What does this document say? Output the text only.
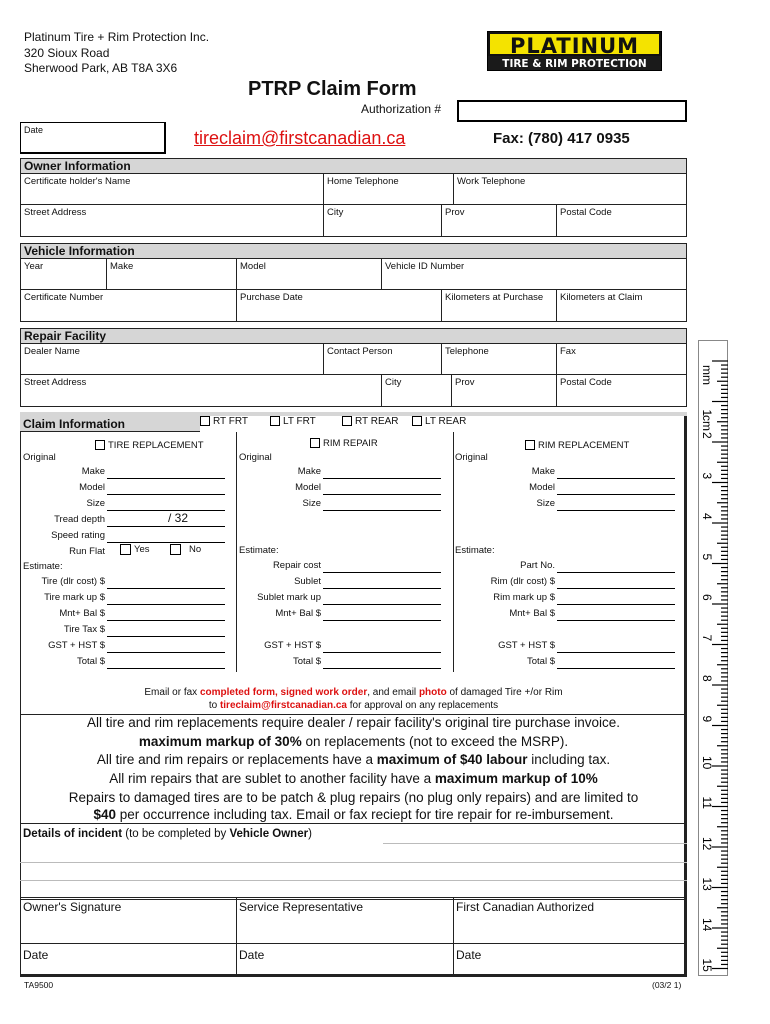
Platinum Tire + Rim Protection Inc.
320 Sioux Road
Sherwood Park, AB T8A 3X6
PLATINUM
TIRE & RIM PROTECTION
PTRP Claim Form
Authorization #
Date	tireclaim@firstcanadian.ca	Fax: (780) 417 0935
Owner Information
Certificate holder's Name	Home Telephone	Work Telephone
Street Address	City	Prov	Postal Code
Vehicle Information
Year	Make	Model	Vehicle ID Number
Certificate Number	Purchase Date	Kilometers at Purchase	Kilometers at Claim
Repair Facility
Dealer Name	Contact Person	Telephone	Fax
Street Address	City	Prov	Postal Code
Claim Information	RT FRT	LT FRT	RT REAR	LT REAR
TIRE REPLACEMENT
Original
Make
Model
Size
Tread depth	/ 32
Speed rating
Run Flat	Yes	No
Estimate:
Tire (dlr cost) $
Tire mark up $
Mnt+ Bal $
Tire Tax $
GST + HST $
Total $
RIM REPAIR
Original
Make
Model
Size
Estimate:
Repair cost
Sublet
Sublet mark up
Mnt+ Bal $
GST + HST $
Total $
RIM REPLACEMENT
Original
Make
Model
Size
Estimate:
Part No.
Rim (dlr cost) $
Rim mark up $
Mnt+ Bal $
GST + HST $
Total $
Email or fax completed form, signed work order, and email photo of damaged Tire +/or Rim
to tireclaim@firstcanadian.ca for approval on any replacements
All tire and rim replacements require dealer / repair facility's original tire purchase invoice.
maximum markup of 30% on replacements (not to exceed the MSRP).
All tire and rim repairs or replacements have a maximum of $40 labour including tax.
All rim repairs that are sublet to another facility have a maximum markup of 10%
Repairs to damaged tires are to be patch & plug repairs (no plug only repairs) and are limited to
$40 per occurrence including tax. Email or fax reciept for tire repair for re-imbursement.
Details of incident (to be completed by Vehicle Owner)
Owner's Signature	Service Representative	First Canadian Authorized
Date	Date	Date
TA9500	(03/2 1)
mm
cm
1
2
3
4
5
6
7
8
9
10
11
12
13
14
15
